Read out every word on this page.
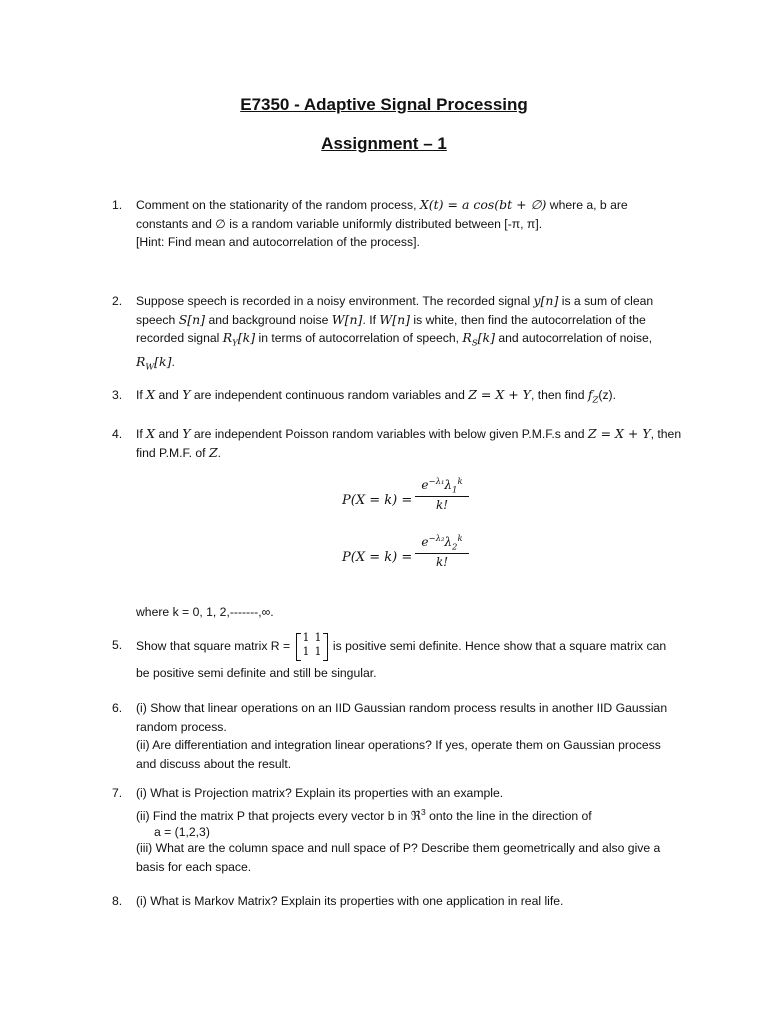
E7350 - Adaptive Signal Processing
Assignment – 1
1.	Comment on the stationarity of the random process, X(t) = a cos(bt + ∅) where a, b are constants and ∅ is a random variable uniformly distributed between [-π, π].
[Hint: Find mean and autocorrelation of the process].
2.	Suppose speech is recorded in a noisy environment. The recorded signal y[n] is a sum of clean speech S[n] and background noise W[n]. If W[n] is white, then find the autocorrelation of the recorded signal $R_Y[k]$ in terms of autocorrelation of speech, $R_S[k]$ and autocorrelation of noise, $R_W[k]$.
3.	If X and Y are independent continuous random variables and Z = X + Y, then find $f_Z(z)$.
4.	If X and Y are independent Poisson random variables with below given P.M.F.s and Z = X + Y, then find P.M.F. of Z.
$P(X = k) = \frac{e^{-\lambda_1}\lambda_1^k}{k!}$
$P(X = k) = \frac{e^{-\lambda_2}\lambda_2^k}{k!}$
where k = 0, 1, 2,-------,∞.
5.	Show that square matrix R =
1 1
1 1 is positive semi definite. Hence show that a square matrix can
be positive semi definite and still be singular.
6.	(i) Show that linear operations on an IID Gaussian random process results in another IID Gaussian random process.
(ii) Are differentiation and integration linear operations? If yes, operate them on Gaussian process and discuss about the result.
7.	(i) What is Projection matrix? Explain its properties with an example.
(ii) Find the matrix P that projects every vector b in ℜ$^3$ onto the line in the direction of
a = (1,2,3)
(iii) What are the column space and null space of P? Describe them geometrically and also give a basis for each space.
8.	(i) What is Markov Matrix? Explain its properties with one application in real life.
